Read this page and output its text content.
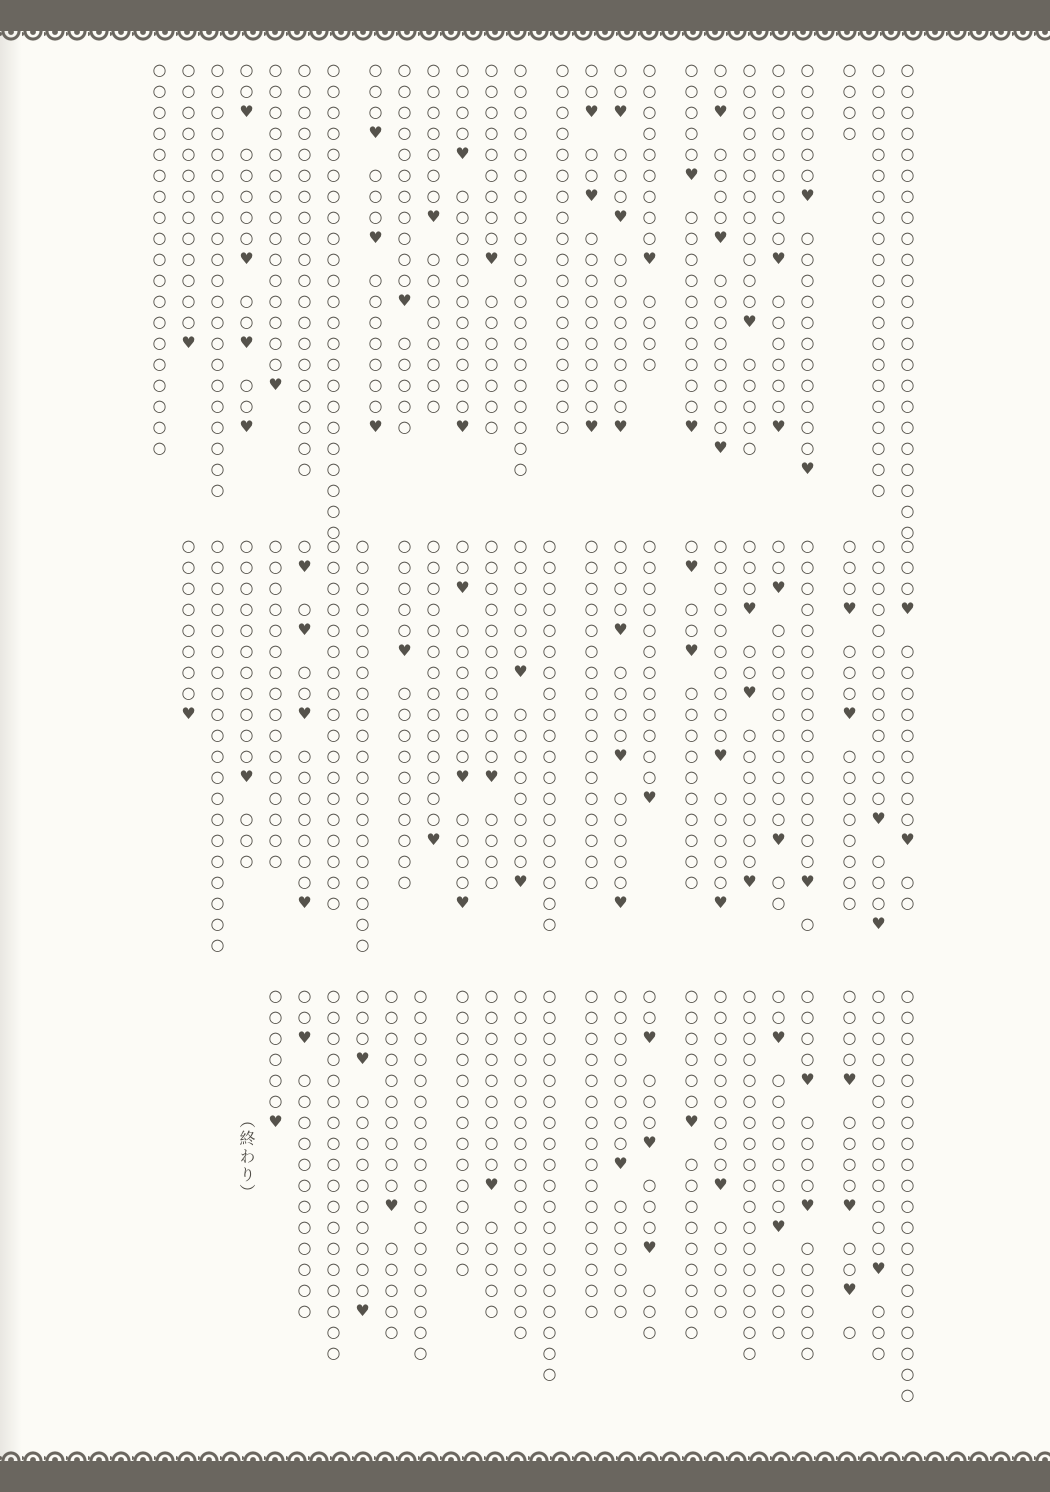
○○○○○○○○○○○○○○○○○○○○○○○
○○○○○○○○○○○○○○○○○○○○○
○○○○
○○○○○○♥ ○○○○○○○○○○○♥
○○○○○○○○○♥ ○○○○○○♥
○○○○○○○○○○○○♥ ○○○○○
○○♥ ○○○○♥ ○○○○○○○○♥
○○○○○♥ ○○○○○○○○○○♥
○○○○○○○○○♥ ○○○○
○○♥ ○○○♥ ○○○○○○○○♥
○○♥ ○○♥ ○○○○○○○○○♥
○○○○○○○○○○○○○○○○○○
○○○○○○○○○○○○○○○○○○○○
○○○○○○○○○♥ ○○○○○○○
○○○○♥ ○○○○○○○○○○○♥
○○○○○○○♥ ○○○○○○○○
○○○○○○○○○○○♥ ○○○○○
○○○♥ ○○○♥ ○○○○○○○♥
○○○○○○○○○○○○○○○○○○○○○○○
○○○○○○○○○○○○○○○○○○○○
○○○○○○○○○○○○○○○♥
○○♥ ○○○○○♥ ○○♥ ○○♥
○○○○○○○○○○○○○○○○○○○○○
○○○○○○○○○○○○○♥
○○○○○○○○○○○○○○○○○○○
○○○♥ ○○○○○○○○○♥ ○○
○○○○○○○○○○○○○♥ ○○○♥
○○○♥ ○○○♥ ○○○○○○○○
○○○○○○○○○○○○○○○○♥ ○
○○♥ ○○○○○○○○○○♥ ○○
○○○♥ ○○♥ ○○○○○○○♥
○○○○○○○○○○♥ ○○○○○♥
○♥ ○○♥ ○○○○○○○○○○
○○○○○○○○○○○○♥
○○○○♥ ○○○○♥ ○○○○○♥
○○○○○○○○○○○○○○○○○
○○○○○○○○○○○○○○○○○○○
○○○○○○♥ ○○○○○○○○♥
○○○○○○○○○○○♥ ○○○○
○○♥ ○○○○○○○♥ ○○○○♥
○○○○○○○○○○○○○○♥
○○○○○♥ ○○○○○○○○○○
○○○○○○○○○○○○○○○○○○○○
○○○○○○○○○○○○○○○○○○
○♥ ○♥ ○○♥ ○○○○○○○♥
○○○○○○○○○○○○○○○○
○○○○○○○○○○○♥ ○○○
○○○○○○○○○○○○○○○○○○○○
○○○○○○○○♥
○○○○○○○○○○○○○○○○○○○○
○○○○○○○○○○○○○♥ ○○○
○○○○♥ ○○○○♥ ○○♥ ○
○○○○♥ ○○○○♥ ○○○○○○
○○♥ ○○○○○○○♥ ○○○○
○○○○○○○○○○○○○○○○○○
○○○○○○○○○♥ ○○○○○
○○○○○○♥ ○○○○○○○○○
○○♥ ○○○♥ ○○○♥ ○○○
○○○○○○○○♥ ○○○○○○
○○○○○○○○○○○○○○○○
○○○○○○○○○○○○○○○○○○○
○○○○○○○○○○○○○○○○○
○○○○○○○○○♥ ○○○○○
○○○○○○○○○○○○○○
○○○○○○○○○○○○○○○○○○
○○○○○○○○○○♥ ○○○○○
○○○♥ ○○○○○○○○○○♥
○○○○○○○○○○○○○○○○○○
○○♥ ○○○○○○○○○○○○
○○○○○○♥
（終わり）
